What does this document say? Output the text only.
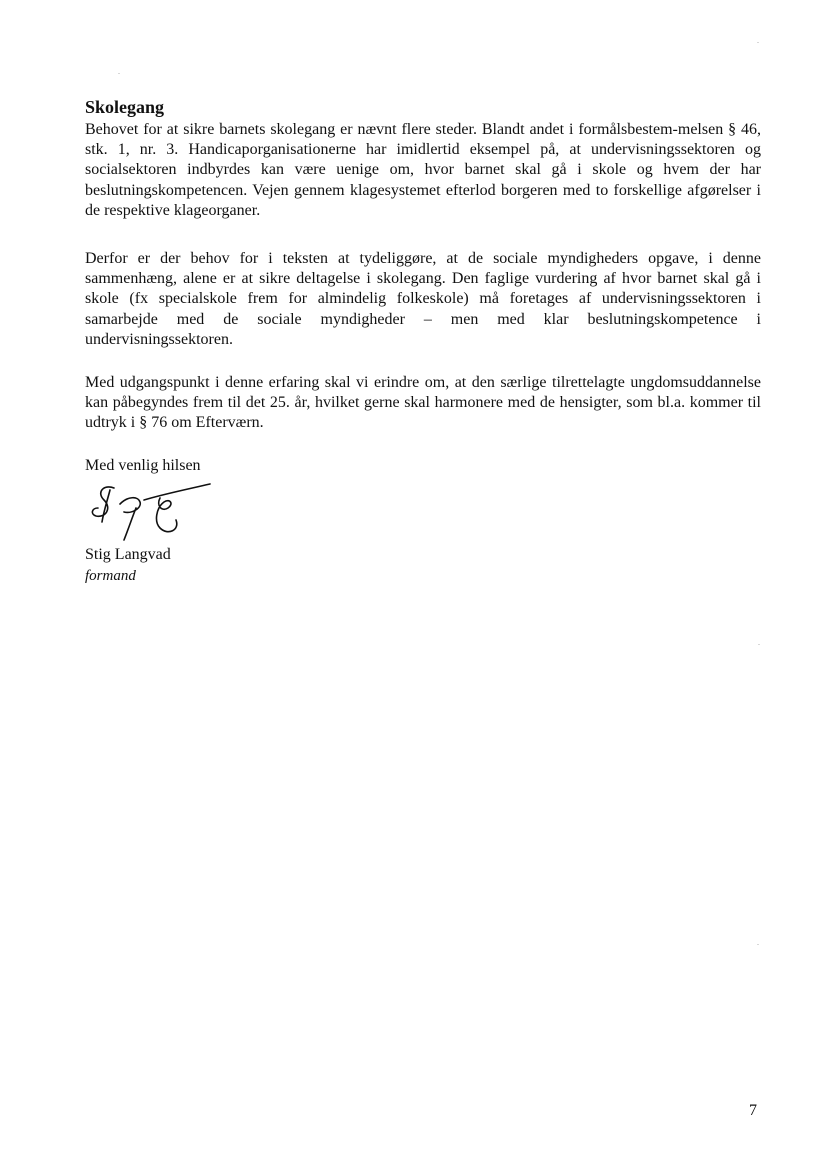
Skolegang

Behovet for at sikre barnets skolegang er nævnt flere steder. Blandt andet i formålsbestem-melsen § 46, stk. 1, nr. 3. Handicaporganisationerne har imidlertid eksempel på, at undervisningssektoren og socialsektoren indbyrdes kan være uenige om, hvor barnet skal gå i skole og hvem der har beslutningskompetencen. Vejen gennem klagesystemet efterlod borgeren med to forskellige afgørelser i de respektive klageorganer.

Derfor er der behov for i teksten at tydeliggøre, at de sociale myndigheders opgave, i denne sammenhæng, alene er at sikre deltagelse i skolegang. Den faglige vurdering af hvor barnet skal gå i skole (fx specialskole frem for almindelig folkeskole) må foretages af undervisningssektoren i samarbejde med de sociale myndigheder – men med klar beslutningskompetence i undervisningssektoren.

Med udgangspunkt i denne erfaring skal vi erindre om, at den særlige tilrettelagte ungdomsuddannelse kan påbegyndes frem til det 25. år, hvilket gerne skal harmonere med de hensigter, som bl.a. kommer til udtryk i § 76 om Efterværn.

Med venlig hilsen

Stig Langvad

formand

7
